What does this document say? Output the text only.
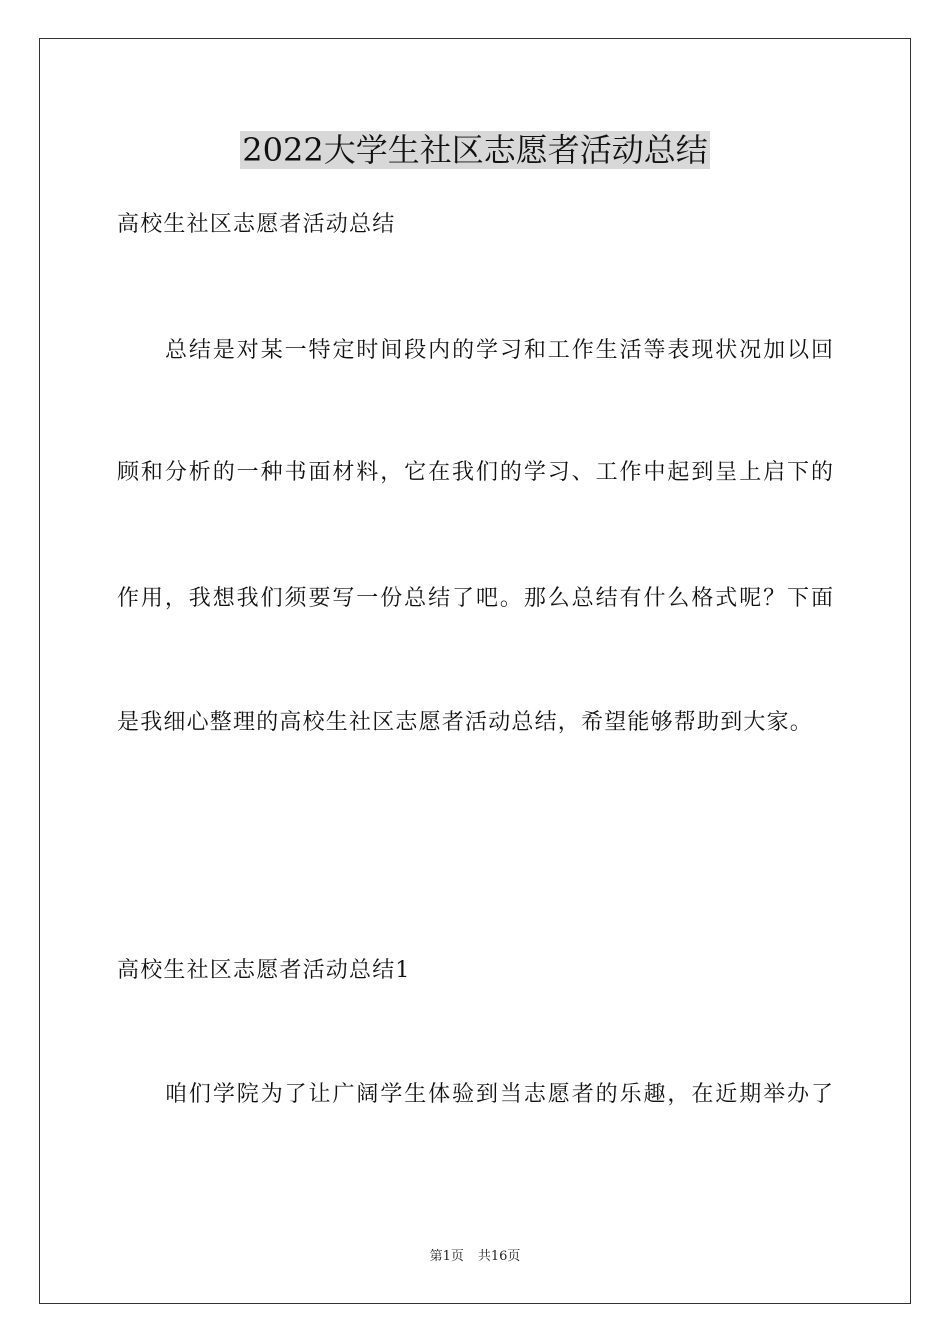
2022大学生社区志愿者活动总结
高校生社区志愿者活动总结
总结是对某一特定时间段内的学习和工作生活等表现状况加以回
顾和分析的一种书面材料，它在我们的学习、工作中起到呈上启下的
作用，我想我们须要写一份总结了吧。那么总结有什么格式呢？下面
是我细心整理的高校生社区志愿者活动总结，希望能够帮助到大家。
高校生社区志愿者活动总结1
咱们学院为了让广阔学生体验到当志愿者的乐趣，在近期举办了
第1页 共16页
